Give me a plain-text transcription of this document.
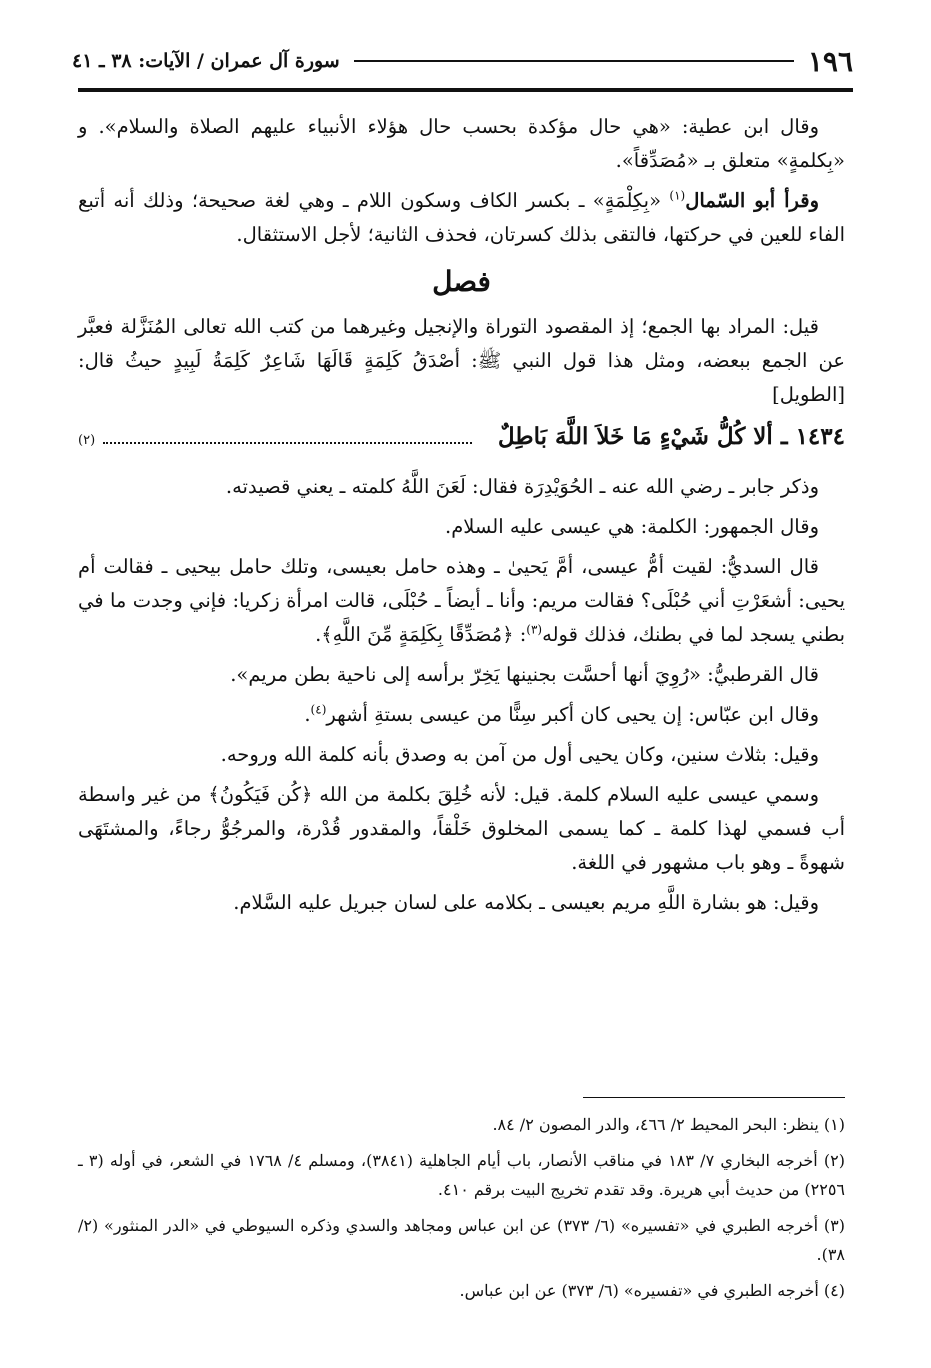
١٩٦
سورة آل عمران / الآيات: ٣٨ ـ ٤١

وقال ابن عطية: «هي حال مؤكدة بحسب حال هؤلاء الأنبياء عليهم الصلاة والسلام». و «بِكلمةٍ» متعلق بـ «مُصَدِّقاً».

وقرأ أبو السّمال$^{(١)}$ «بِكِلْمَةٍ» ـ بكسر الكاف وسكون اللام ـ وهي لغة صحيحة؛ وذلك أنه أتبع الفاء للعين في حركتها، فالتقى بذلك كسرتان، فحذف الثانية؛ لأجل الاستثقال.

فصل

قيل: المراد بها الجمع؛ إذ المقصود التوراة والإنجيل وغيرهما من كتب الله تعالى المُنَزَّلة فعبَّر عن الجمع ببعضه، ومثل هذا قول النبي ﷺ: أصْدَقُ كَلِمَةٍ قَالَهَا شَاعِرٌ كَلِمَةُ لَبِيدٍ حيثُ قال: [الطويل]

١٤٣٤ ـ ألا كُلُّ شَيْءٍ مَا خَلاَ اللَّهَ بَاطِلٌ
(٢)

وذكر جابر ـ رضي الله عنه ـ الحُوَيْدِرَة فقال: لَعَنَ اللَّهُ كلمته ـ يعني قصيدته.

وقال الجمهور: الكلمة: هي عيسى عليه السلام.

قال السديُّ: لقيت أمُّ عيسى، أمَّ يَحيىٰ ـ وهذه حامل بعيسى، وتلك حامل بيحيى ـ فقالت أم يحيى: أشعَرْتِ أني حُبْلَى؟ فقالت مريم: وأنا ـ أيضاً ـ حُبْلَى، قالت امرأة زكريا: فإني وجدت ما في بطني يسجد لما في بطنك، فذلك قوله$^{(٣)}$: ﴿مُصَدِّقًا بِكَلِمَةٍ مِّنَ اللَّهِ﴾.

قال القرطبيُّ: «رُوِيَ أنها أحسَّت بجنينها يَخِرّ برأسه إلى ناحية بطن مريم».

وقال ابن عبّاس: إن يحيى كان أكبر سِنًّا من عيسى بستةِ أشهر$^{(٤)}$.

وقيل: بثلاث سنين، وكان يحيى أول من آمن به وصدق بأنه كلمة الله وروحه.

وسمي عيسى عليه السلام كلمة. قيل: لأنه خُلِقَ بكلمة من الله ﴿كُن فَيَكُونُ﴾ من غير واسطة أب فسمي لهذا كلمة ـ كما يسمى المخلوق خَلْقاً، والمقدور قُدْرة، والمرجُوُّ رجاءً، والمشتَهَى شهوةً ـ وهو باب مشهور في اللغة.

وقيل: هو بشارة اللَّهِ مريم بعيسى ـ بكلامه على لسان جبريل عليه السَّلام.

(١) ينظر: البحر المحيط ٢/ ٤٦٦، والدر المصون ٢/ ٨٤.

(٢) أخرجه البخاري ٧/ ١٨٣ في مناقب الأنصار، باب أيام الجاهلية (٣٨٤١)، ومسلم ٤/ ١٧٦٨ في الشعر، في أوله (٣ ـ ٢٢٥٦) من حديث أبي هريرة. وقد تقدم تخريج البيت برقم ٤١٠.

(٣) أخرجه الطبري في «تفسيره» (٦/ ٣٧٣) عن ابن عباس ومجاهد والسدي وذكره السيوطي في «الدر المنثور» (٢/ ٣٨).

(٤) أخرجه الطبري في «تفسيره» (٦/ ٣٧٣) عن ابن عباس.
